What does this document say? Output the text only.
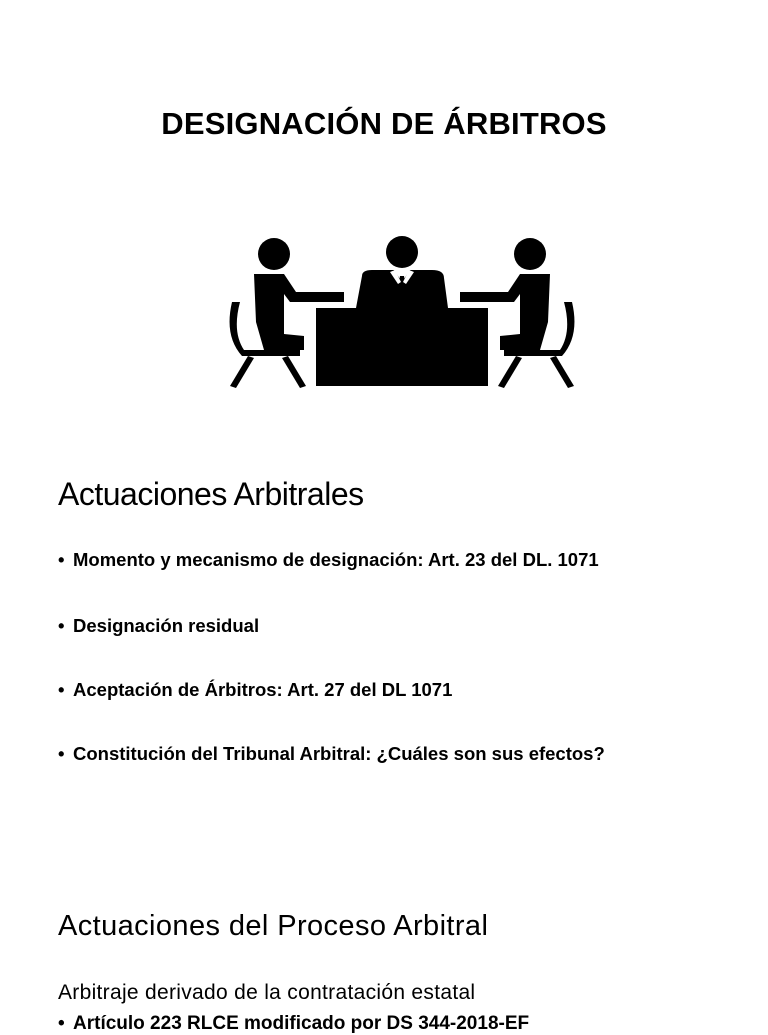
DESIGNACIÓN DE ÁRBITROS
Actuaciones Arbitrales
• Momento y mecanismo de designación: Art. 23 del DL. 1071
• Designación residual
• Aceptación de Árbitros: Art. 27 del DL 1071
• Constitución del Tribunal Arbitral: ¿Cuáles son sus efectos?
Actuaciones del Proceso Arbitral
Arbitraje derivado de la contratación estatal
• Artículo 223 RLCE modificado por DS 344-2018-EF
